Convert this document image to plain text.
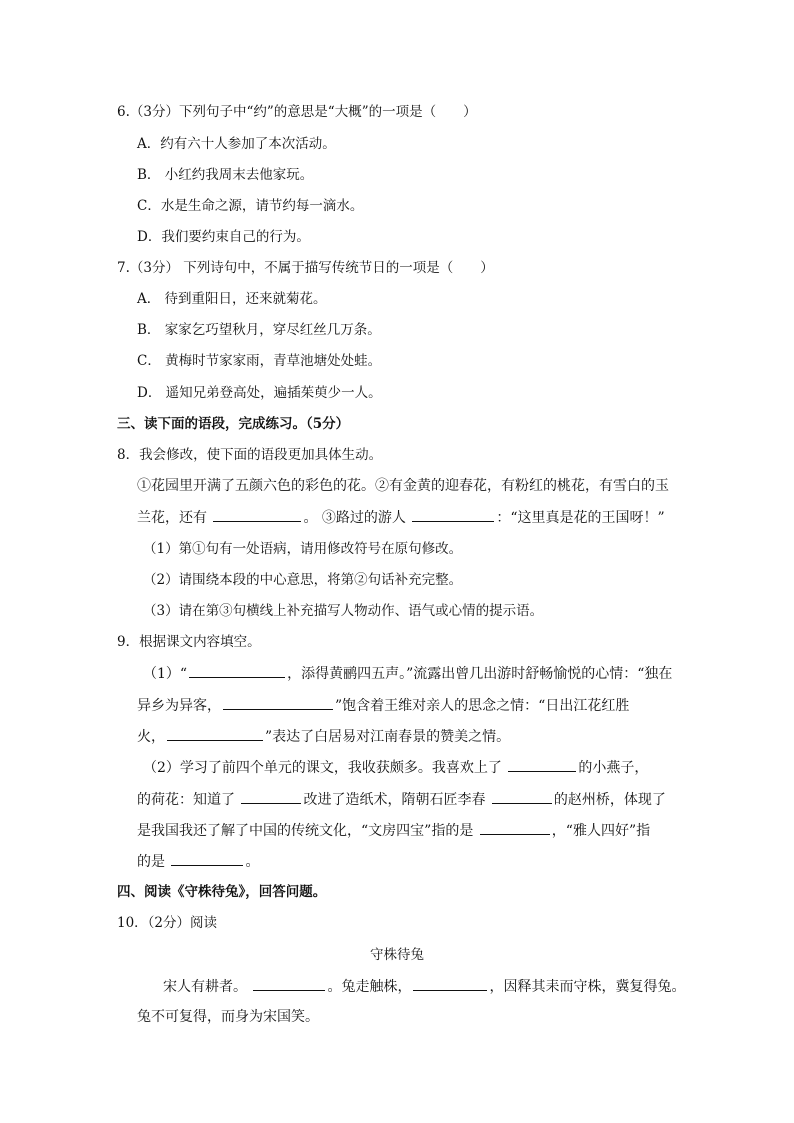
6.（3分）下列句子中“约”的意思是“大概”的一项是（　　）
A．约有六十人参加了本次活动。
B． 小红约我周末去他家玩。
C．水是生命之源，请节约每一滴水。
D．我们要约束自己的行为。
7.（3分） 下列诗句中，不属于描写传统节日的一项是（　　）
A． 待到重阳日，还来就菊花。
B． 家家乞巧望秋月，穿尽红丝几万条。
C． 黄梅时节家家雨，青草池塘处处蛙。
D． 遥知兄弟登高处，遍插茱萸少一人。
三、读下面的语段，完成练习。（5分）
8．我会修改，使下面的语段更加具体生动。
①花园里开满了五颜六色的彩色的花。②有金黄的迎春花，有粉红的桃花，有雪白的玉
兰花，还有	。 ③路过的游人	：“这里真是花的王国呀！”
（1）第①句有一处语病，请用修改符号在原句修改。
（2）请围绕本段的中心意思，将第②句话补充完整。
（3）请在第③句横线上补充描写人物动作、语气或心情的提示语。
9．根据课文内容填空。
（1）“	，添得黄鹂四五声。”流露出曾几出游时舒畅愉悦的心情：“独在
异乡为异客，	”饱含着王维对亲人的思念之情：“日出江花红胜
火，	”表达了白居易对江南春景的赞美之情。
（2）学习了前四个单元的课文，我收获颇多。我喜欢上了	的小燕子，
的荷花：知道了	改进了造纸术，隋朝石匠李春	的赵州桥，体现了
是我国我还了解了中国的传统文化，“文房四宝”指的是	，“雅人四好”指
的是	。
四、阅读《守株待兔》，回答问题。
10．（2分）阅读
守株待兔
宋人有耕者。	。兔走触株，	，因释其耒而守株，冀复得兔。
兔不可复得，而身为宋国笑。
